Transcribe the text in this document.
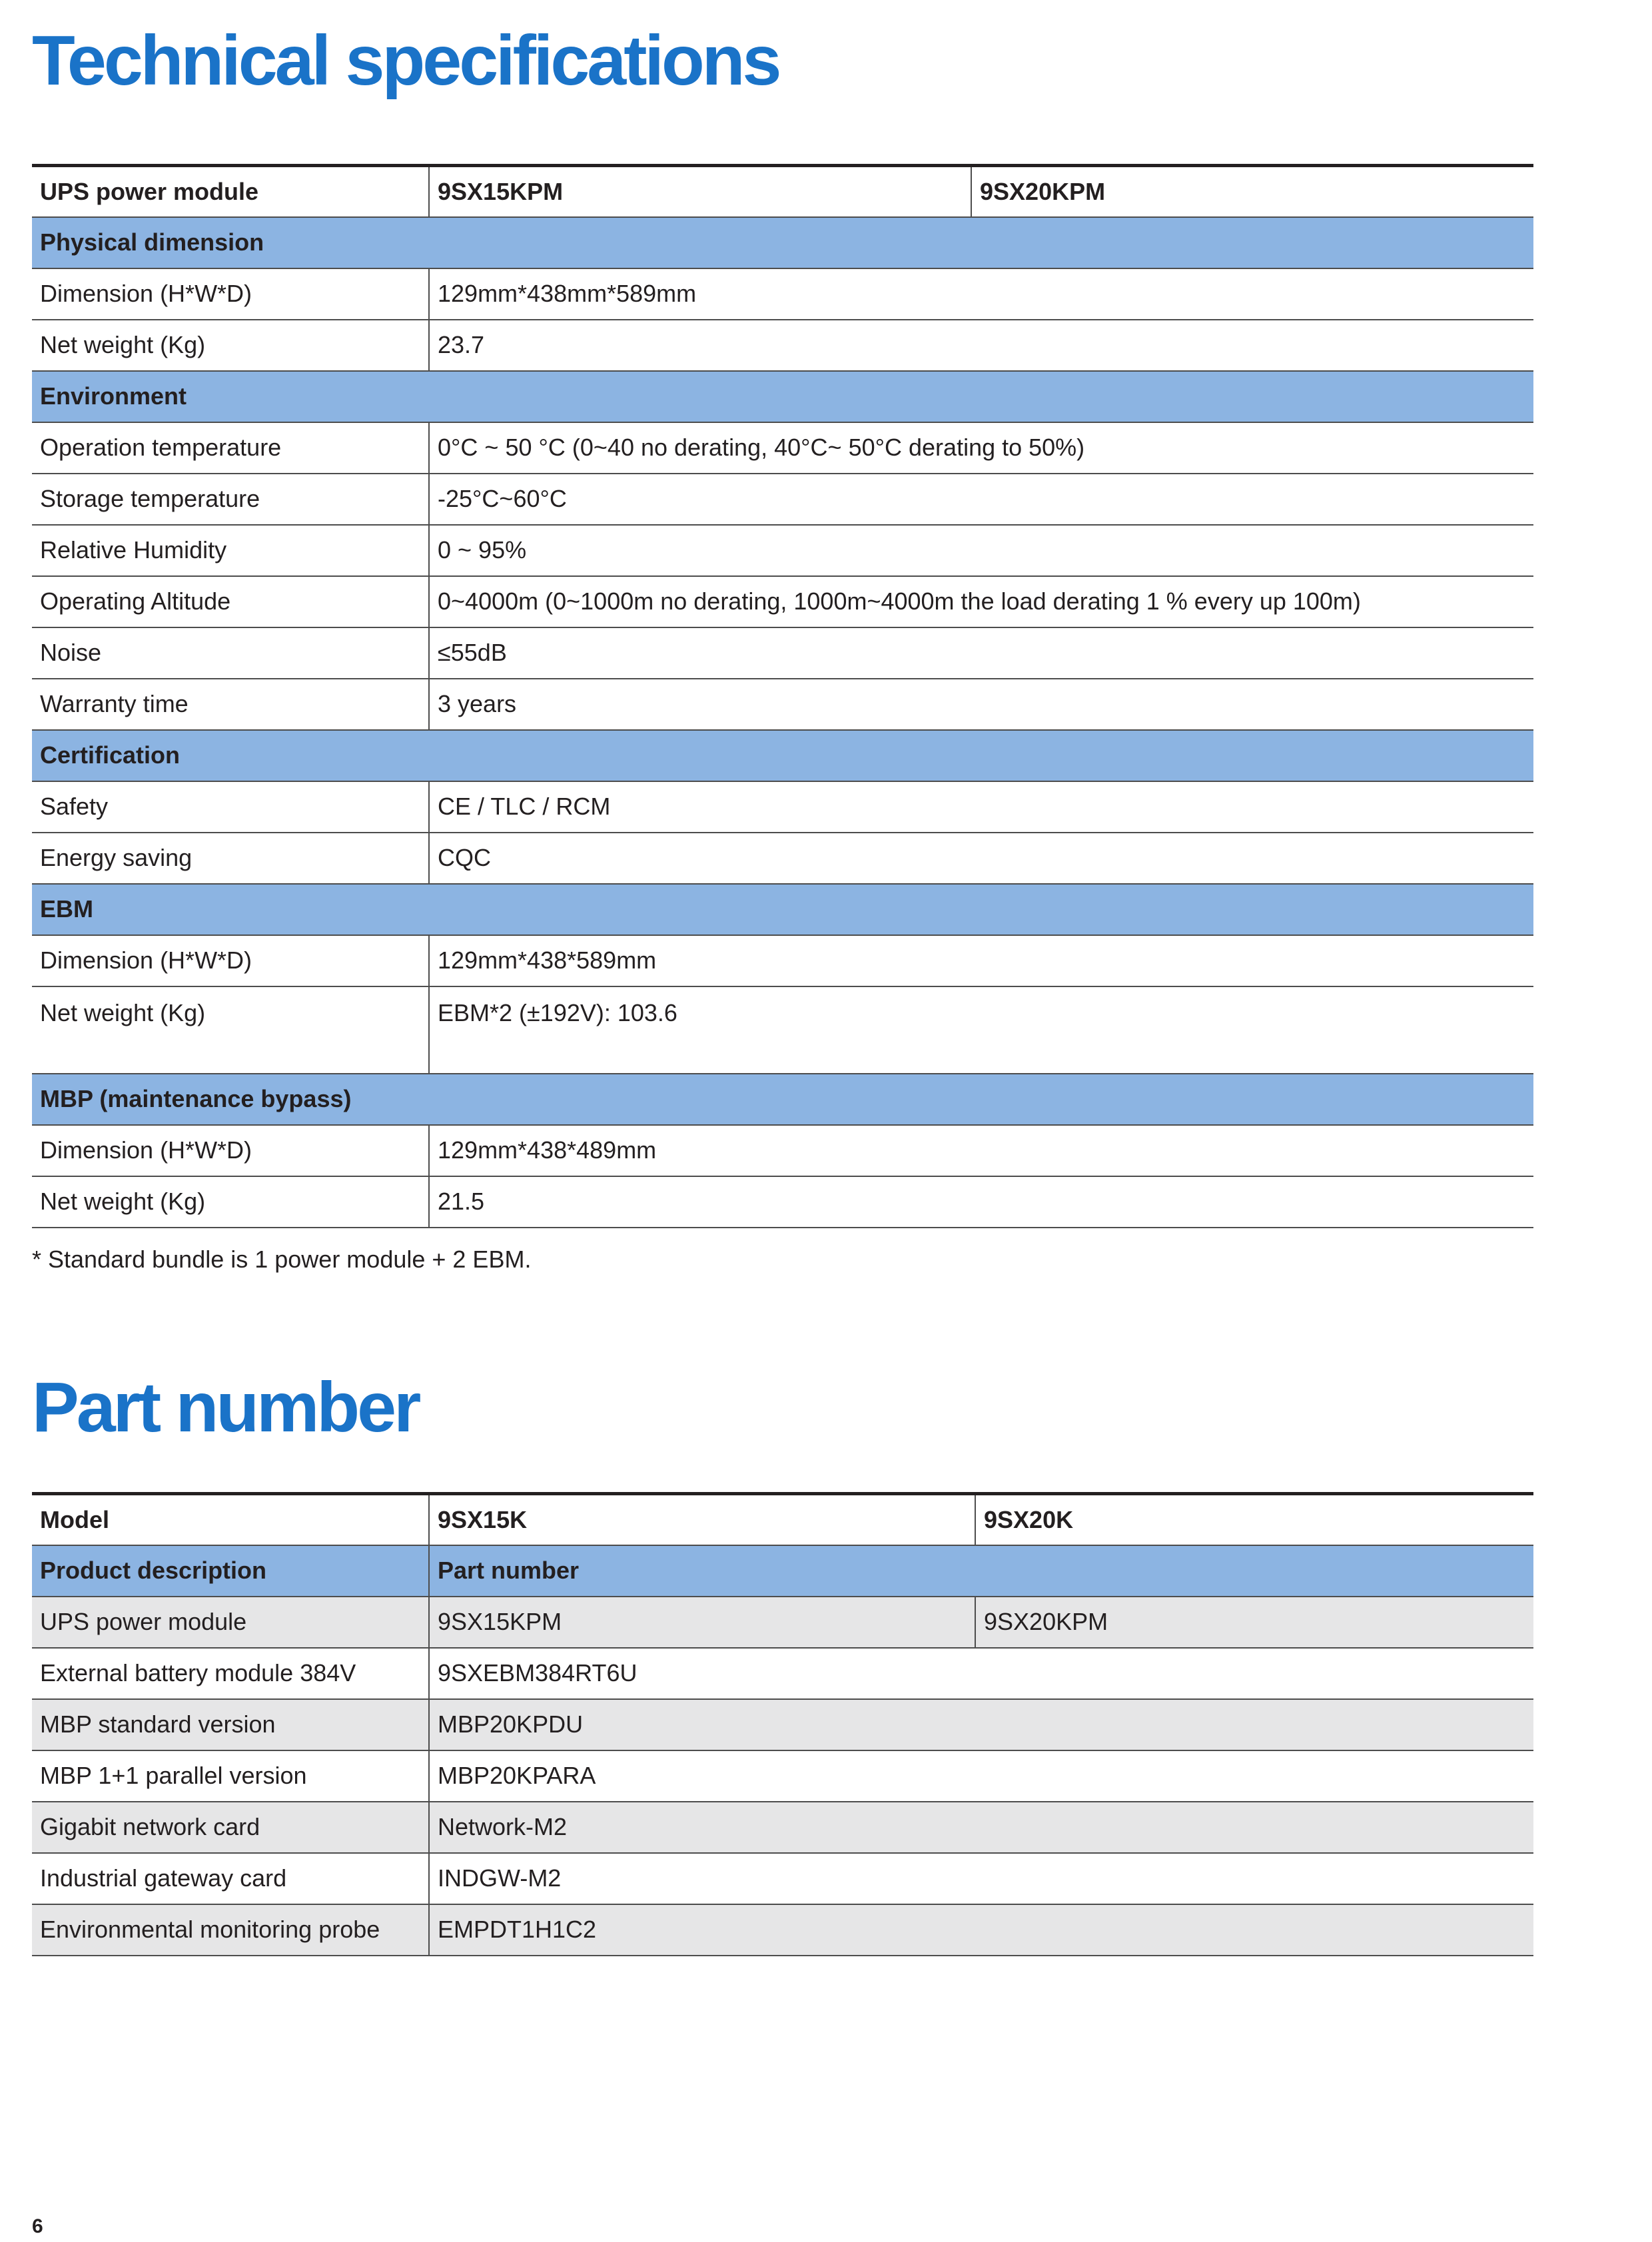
Technical specifications
UPS power module	9SX15KPM	9SX20KPM
Physical dimension		
Dimension (H*W*D)	129mm*438mm*589mm	
Net weight (Kg)	23.7	
Environment		
Operation temperature	0°C ~ 50 °C (0~40 no derating, 40°C~ 50°C derating to 50%)	
Storage temperature	-25°C~60°C	
Relative Humidity	0 ~ 95%	
Operating Altitude	0~4000m (0~1000m no derating, 1000m~4000m the load derating 1 % every up 100m)	
Noise	≤55dB	
Warranty time	3 years	
Certification		
Safety	CE / TLC / RCM	
Energy saving	CQC	
EBM		
Dimension (H*W*D)	129mm*438*589mm	
Net weight (Kg)	EBM*2 (±192V): 103.6	
MBP (maintenance bypass)		
Dimension (H*W*D)	129mm*438*489mm	
Net weight (Kg)	21.5	

* Standard bundle is 1 power module + 2 EBM.

Part number
Model	9SX15K	9SX20K
Product description	Part number	
UPS power module	9SX15KPM	9SX20KPM
External battery module 384V	9SXEBM384RT6U	
MBP standard version	MBP20KPDU	
MBP 1+1 parallel version	MBP20KPARA	
Gigabit network card	Network-M2	
Industrial gateway card	INDGW-M2	
Environmental monitoring probe	EMPDT1H1C2	
6
